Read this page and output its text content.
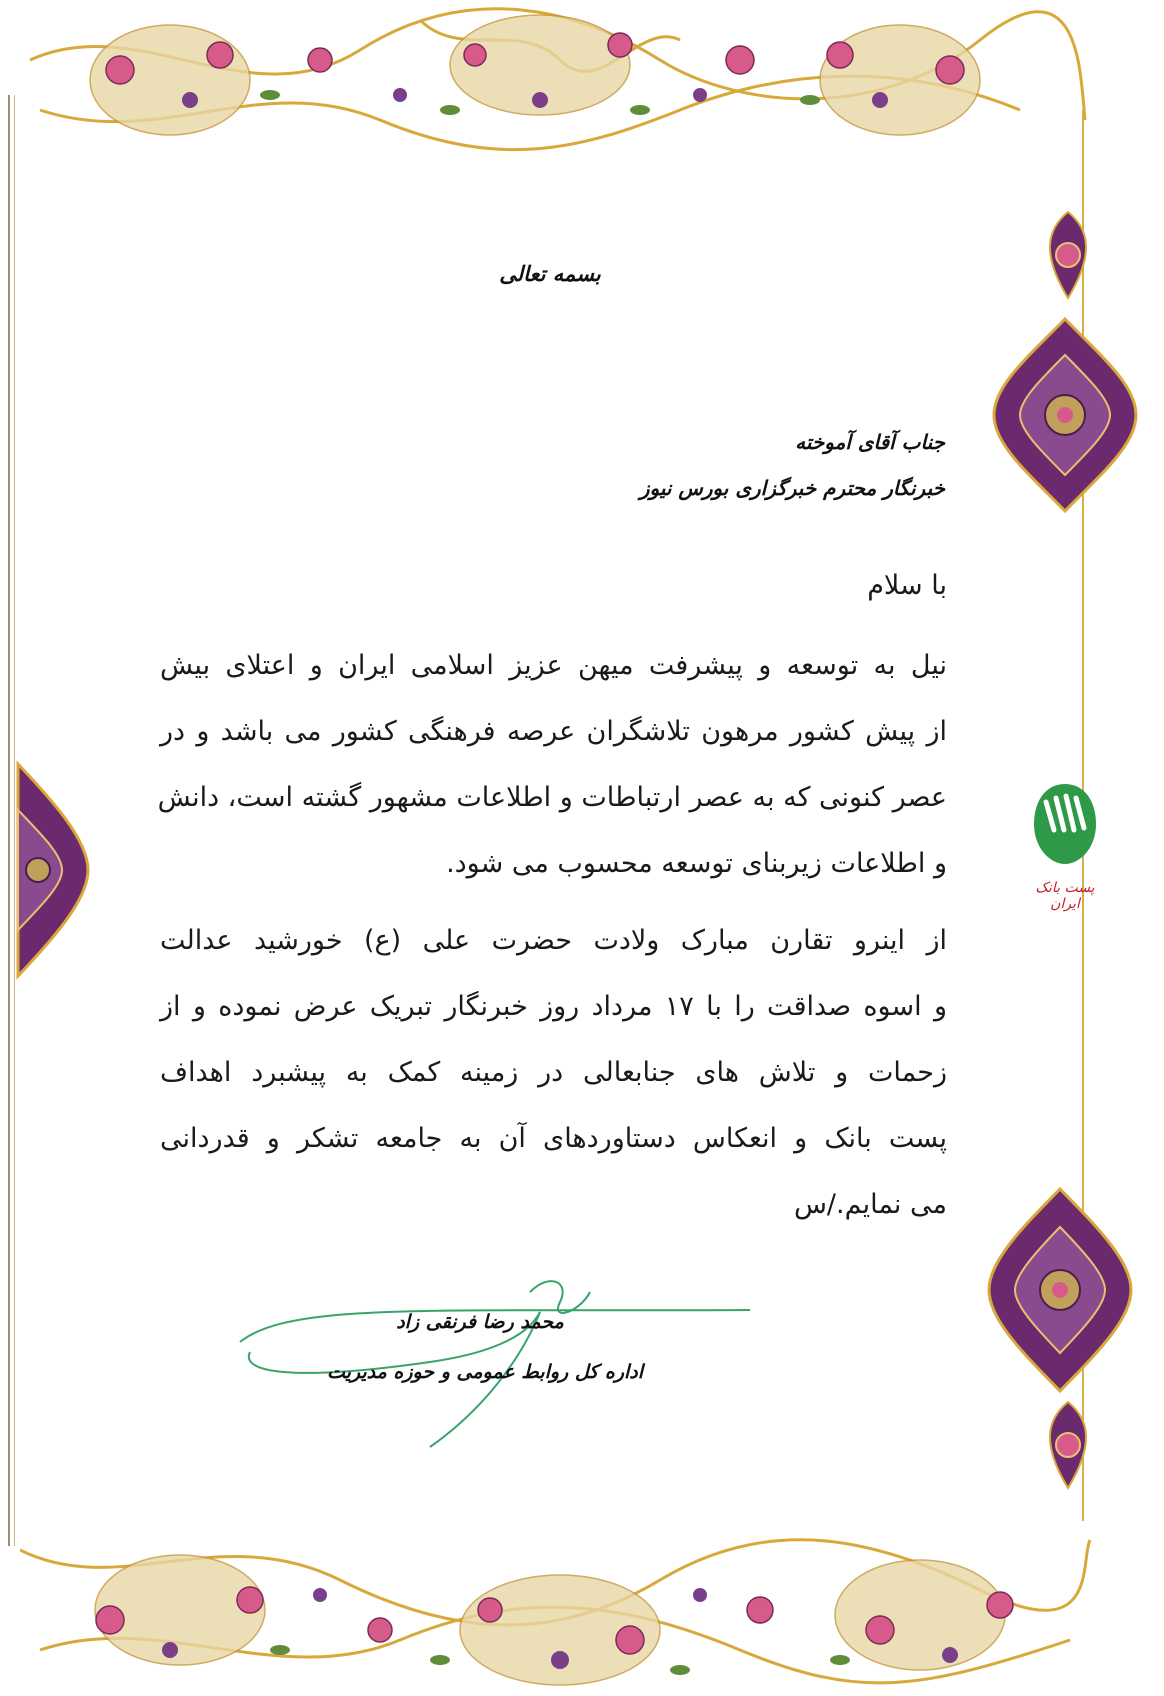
پست بانک ایران
بسمه تعالی
جناب آقای آموخته
خبرنگار محترم خبرگزاری بورس نیوز
با سلام
نیل به توسعه و پیشرفت میهن عزیز اسلامی ایران و اعتلای بیش
از پیش کشور مرهون تلاشگران عرصه فرهنگی کشور می باشد و در
عصر کنونی که به عصر ارتباطات و اطلاعات مشهور گشته است، دانش
و اطلاعات زیربنای توسعه محسوب می شود.
از اینرو تقارن مبارک ولادت حضرت علی (ع) خورشید عدالت
و اسوه صداقت را با ۱۷ مرداد روز خبرنگار تبریک عرض نموده و از
زحمات و تلاش های جنابعالی در زمینه کمک به پیشبرد اهداف
پست بانک و انعکاس دستاوردهای آن به جامعه تشکر و قدردانی
می نمایم./س
محمد رضا فرنقی زاد
اداره کل روابط عمومی و حوزه مدیریت
